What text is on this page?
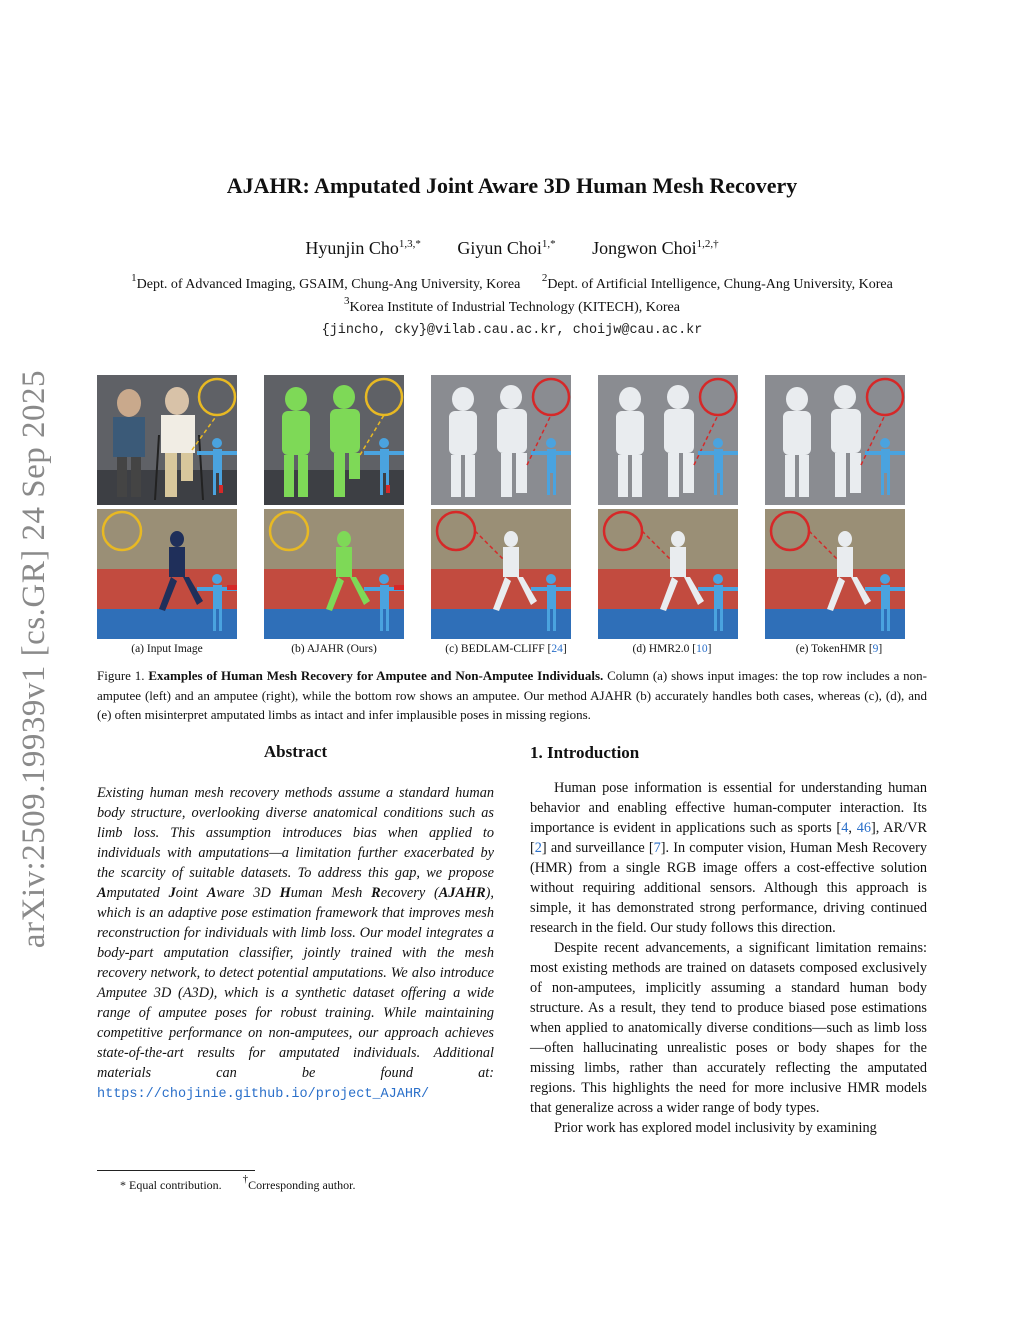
arXiv:2509.19939v1 [cs.GR] 24 Sep 2025
AJAHR: Amputated Joint Aware 3D Human Mesh Recovery
Hyunjin Cho$^{1,3,*}$ Giyun Choi$^{1,*}$ Jongwon Choi$^{1,2,\dagger}$
$^1$Dept. of Advanced Imaging, GSAIM, Chung-Ang University, Korea $^2$Dept. of Artificial Intelligence, Chung-Ang University, Korea
$^3$Korea Institute of Industrial Technology (KITECH), Korea
{jincho, cky}@vilab.cau.ac.kr, choijw@cau.ac.kr
(a) Input Image	(b) AJAHR (Ours)	(c) BEDLAM-CLIFF [24]	(d) HMR2.0 [10]	(e) TokenHMR [9]
Figure 1. Examples of Human Mesh Recovery for Amputee and Non-Amputee Individuals. Column (a) shows input images: the top row includes a non-amputee (left) and an amputee (right), while the bottom row shows an amputee. Our method AJAHR (b) accurately handles both cases, whereas (c), (d), and (e) often misinterpret amputated limbs as intact and infer implausible poses in missing regions.
Abstract
Existing human mesh recovery methods assume a standard human body structure, overlooking diverse anatomical conditions such as limb loss. This assumption introduces bias when applied to individuals with amputations—a limitation further exacerbated by the scarcity of suitable datasets. To address this gap, we propose Amputated Joint Aware 3D Human Mesh Recovery (AJAHR), which is an adaptive pose estimation framework that improves mesh reconstruction for individuals with limb loss. Our model integrates a body-part amputation classifier, jointly trained with the mesh recovery network, to detect potential amputations. We also introduce Amputee 3D (A3D), which is a synthetic dataset offering a wide range of amputee poses for robust training. While maintaining competitive performance on non-amputees, our approach achieves state-of-the-art results for amputated individuals. Additional materials can be found at: https://chojinie.github.io/project_AJAHR/
1. Introduction

Human pose information is essential for understanding human behavior and enabling effective human-computer interaction. Its importance is evident in applications such as sports [4, 46], AR/VR [2] and surveillance [7]. In computer vision, Human Mesh Recovery (HMR) from a single RGB image offers a cost-effective solution without requiring additional sensors. Although this approach is simple, it has demonstrated strong performance, driving continued research in the field. Our study follows this direction.

Despite recent advancements, a significant limitation remains: most existing methods are trained on datasets composed exclusively of non-amputees, implicitly assuming a standard human body structure. As a result, they tend to produce biased pose estimations when applied to anatomically diverse conditions—such as limb loss—often hallucinating unrealistic poses or body shapes for the missing limbs, rather than accurately reflecting the amputated regions. This highlights the need for more inclusive HMR models that generalize across a wider range of body types.

Prior work has explored model inclusivity by examining

* Equal contribution. †Corresponding author.
